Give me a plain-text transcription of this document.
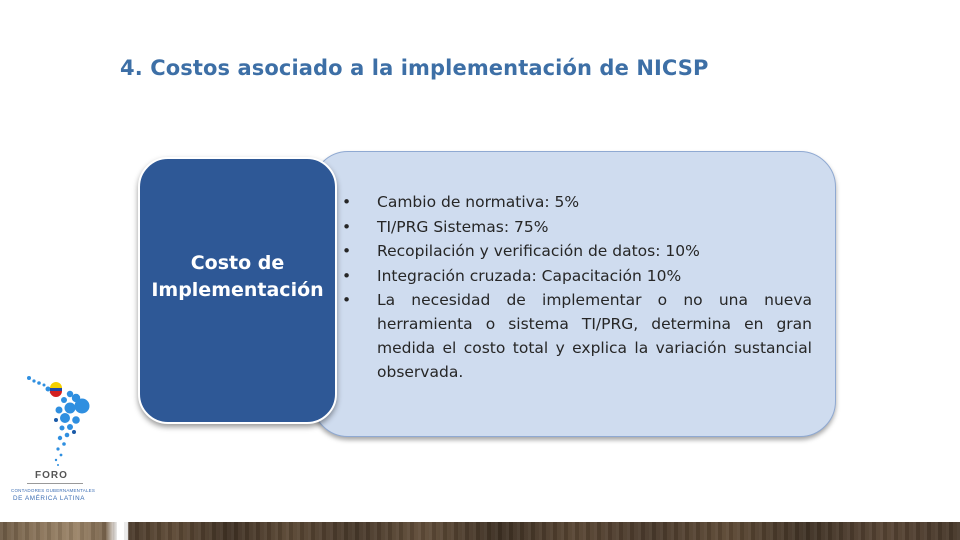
4. Costos asociado a la implementación de NICSP
• Cambio de normativa: 5%
• TI/PRG Sistemas: 75%
• Recopilación y verificación de datos: 10%
• Integración cruzada: Capacitación 10%
• La necesidad de implementar o no una nueva herramienta o sistema TI/PRG, determina en gran medida el costo total y explica la variación sustancial observada.
Costo de
Implementación
FORO
CONTADORES GUBERNAMENTALES
DE AMÉRICA LATINA
